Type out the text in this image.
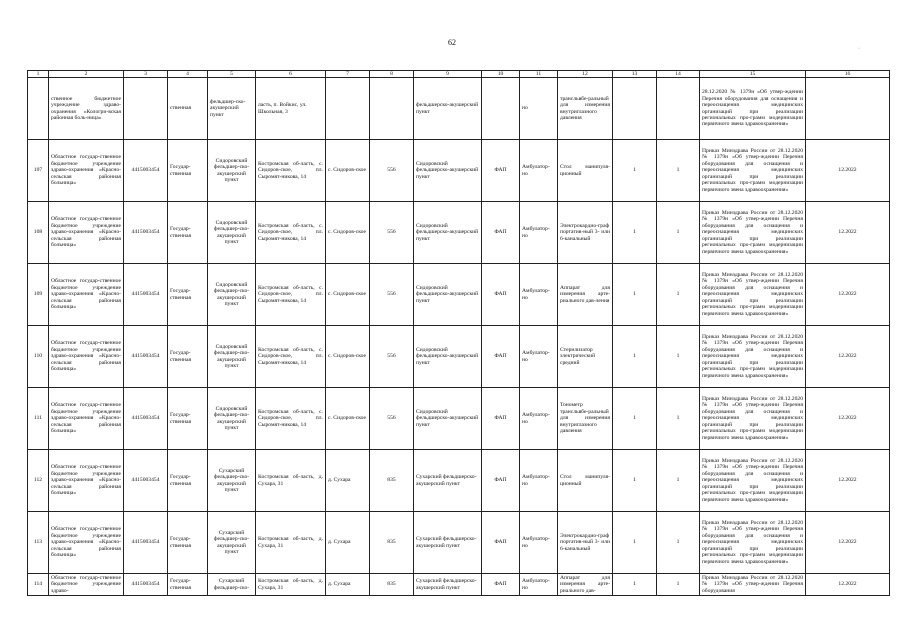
62
·
1	2	3	4	5	6	7	8	9	10	11	12	13	14	15	16
	ственное бюджетное учреждение здраво-охранения «Кологри-вская районная боль-ница»		ственная	фельдшер-ско-акушерский пункт	ласть, п. Войкис, ул. Школьная, 3			фельдшерско-акушерский пункт		но	трансльвбе-ральный для измерения внутриглазного давления			28.12.2020 № 1379н «Об утвер-ждении Перечня оборудования для оснащения и переоснащения медицинских организаций при реализации региональных про-грамм модернизации первичного звена здравоохранения»	
107	Областное государ-ственное бюджетное учреждение здраво-охранения «Красно-сельская районная больница»	4415003454	Государ-ственная	Сидоровский фельдшер-ско-акушерский пункт	Костромская об-ласть, с. Сидоров-ское, пл. Сыромят-никова, 14	с. Сидоров-ское	556	Сидоровский фельдшерско-акушерский пункт	ФАП	Амбулатор-но	Стол манипуля-ционный	1	1	Приказ Минздрава России от 28.12.2020 № 1379н «Об утвер-ждении Перечня оборудования для оснащения и переоснащения медицинских организаций при реализации региональных про-грамм модернизации первичного звена здравоохранения»	12.2022
108	Областное государ-ственное бюджетное учреждение здраво-охранения «Красно-сельская районная больница»	4415003454	Государ-ственная	Сидоровский фельдшер-ско-акушерский пункт	Костромская об-ласть, с. Сидоров-ское, пл. Сыромят-никова, 14	с. Сидоров-ское	556	Сидоровский фельдшерско-акушерский пункт	ФАП	Амбулатор-но	Электрокардио-граф портатив-ный 3- или 6-канальный	1	1	Приказ Минздрава России от 28.12.2020 № 1379н «Об утвер-ждении Перечня оборудования для оснащения и переоснащения медицинских организаций при реализации региональных про-грамм модернизации первичного звена здравоохранения»	12.2022
109	Областное государ-ственное бюджетное учреждение здраво-охранения «Красно-сельская районная больница»	4415003454	Государ-ственная	Сидоровский фельдшер-ско-акушерский пункт	Костромская об-ласть, с. Сидоров-ское, пл. Сыромят-никова, 14	с. Сидоров-ское	556	Сидоровский фельдшерско-акушерский пункт	ФАП	Амбулатор-но	Аппарат для измерения арте-риального дав-ления	1	1	Приказ Минздрава России от 28.12.2020 № 1379н «Об утвер-ждении Перечня оборудования для оснащения и переоснащения медицинских организаций при реализации региональных про-грамм модернизации первичного звена здравоохранения»	12.2022
110	Областное государ-ственное бюджетное учреждение здраво-охранения «Красно-сельская районная больница»	4415003454	Государ-ственная	Сидоровский фельдшер-ско-акушерский пункт	Костромская об-ласть, с. Сидоров-ское, пл. Сыромят-никова, 14	с. Сидоров-ское	556	Сидоровский фельдшерско-акушерский пункт	ФАП	Амбулатор-но	Стерилизатор электрический средний	1	1	Приказ Минздрава России от 28.12.2020 № 1379н «Об утвер-ждении Перечня оборудования для оснащения и переоснащения медицинских организаций при реализации региональных про-грамм модернизации первичного звена здравоохранения»	12.2022
111	Областное государ-ственное бюджетное учреждение здраво-охранения «Красно-сельская районная больница»	4415003454	Государ-ственная	Сидоровский фельдшер-ско-акушерский пункт	Костромская об-ласть, с. Сидоров-ское, пл. Сыромят-никова, 14	с. Сидоров-ское	556	Сидоровский фельдшерско-акушерский пункт	ФАП	Амбулатор-но	Тонометр трансльвбе-ральный для измерения внутриглазного давления	1	1	Приказ Минздрава России от 28.12.2020 № 1379н «Об утвер-ждении Перечня оборудования для оснащения и переоснащения медицинских организаций при реализации региональных про-грамм модернизации первичного звена здравоохранения»	12.2022
112	Областное государ-ственное бюджетное учреждение здраво-охранения «Красно-сельская районная больница»	4415003454	Государ-ственная	Сухарский фельдшер-ско-акушерский пункт	Костромская об-ласть, д. Сухара, 31	д. Сухара	835	Сухарский фельдшерско-акушерский пункт	ФАП	Амбулатор-но	Стол манипуля-ционный	1	1	Приказ Минздрава России от 28.12.2020 № 1379н «Об утвер-ждении Перечня оборудования для оснащения и переоснащения медицинских организаций при реализации региональных про-грамм модернизации первичного звена здравоохранения»	12.2022
113	Областное государ-ственное бюджетное учреждение здраво-охранения «Красно-сельская районная больница»	4415003454	Государ-ственная	Сухарский фельдшер-ско-акушерский пункт	Костромская об-ласть, д. Сухара, 31	д. Сухара	835	Сухарский фельдшерско-акушерский пункт	ФАП	Амбулатор-но	Электрокардио-граф портатив-ный 3- или 6-канальный	1	1	Приказ Минздрава России от 28.12.2020 № 1379н «Об утвер-ждении Перечня оборудования для оснащения и переоснащения медицинских организаций при реализации региональных про-грамм модернизации первичного звена здравоохранения»	12.2022
114	Областное государ-ственное бюджетное учреждение здраво-	4415003454	Государ-ственная	Сухарский фельдшер-ско-	Костромская об-ласть, д. Сухара, 31	д. Сухара	835	Сухарский фельдшерско-акушерский пункт	ФАП	Амбулатор-но	Аппарат для измерения арте-риального дав-	1	1	Приказ Минздрава России от 28.12.2020 № 1379н «Об утвер-ждении Перечня оборудования	12.2022
